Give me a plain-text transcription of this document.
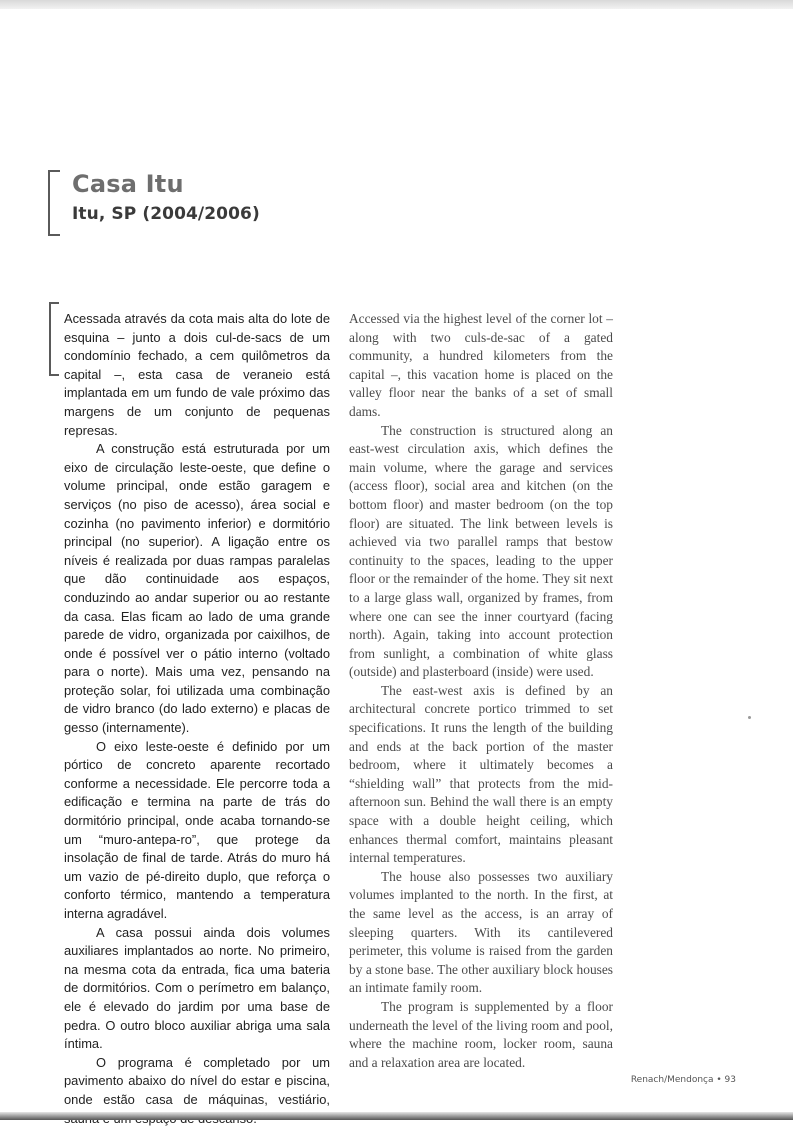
Casa Itu
Itu, SP (2004/2006)

Acessada através da cota mais alta do lote de esquina – junto a dois cul-de-sacs de um condomínio fechado, a cem quilômetros da capital –, esta casa de veraneio está implantada em um fundo de vale próximo das margens de um conjunto de pequenas represas.

A construção está estruturada por um eixo de circulação leste-oeste, que define o volume principal, onde estão garagem e serviços (no piso de acesso), área social e cozinha (no pavimento inferior) e dormitório principal (no superior). A ligação entre os níveis é realizada por duas rampas paralelas que dão continuidade aos espaços, conduzindo ao andar superior ou ao restante da casa. Elas ficam ao lado de uma grande parede de vidro, organizada por caixilhos, de onde é possível ver o pátio interno (voltado para o norte). Mais uma vez, pensando na proteção solar, foi utilizada uma combinação de vidro branco (do lado externo) e placas de gesso (internamente).

O eixo leste-oeste é definido por um pórtico de concreto aparente recortado conforme a necessidade. Ele percorre toda a edificação e termina na parte de trás do dormitório principal, onde acaba tornando-se um “muro-antepa-ro”, que protege da insolação de final de tarde. Atrás do muro há um vazio de pé-direito duplo, que reforça o conforto térmico, mantendo a temperatura interna agradável.

A casa possui ainda dois volumes auxiliares implantados ao norte. No primeiro, na mesma cota da entrada, fica uma bateria de dormitórios. Com o perímetro em balanço, ele é elevado do jardim por uma base de pedra. O outro bloco auxiliar abriga uma sala íntima.

O programa é completado por um pavimento abaixo do nível do estar e piscina, onde estão casa de máquinas, vestiário,

Accessed via the highest level of the corner lot – along with two culs-de-sac of a gated community, a hundred kilometers from the capital –, this vacation home is placed on the valley floor near the banks of a set of small dams.

The construction is structured along an east-west circulation axis, which defines the main volume, where the garage and services (access floor), social area and kitchen (on the bottom floor) and master bedroom (on the top floor) are situated. The link between levels is achieved via two parallel ramps that bestow continuity to the spaces, leading to the upper floor or the remainder of the home. They sit next to a large glass wall, organized by frames, from where one can see the inner courtyard (facing north). Again, taking into account protection from sunlight, a combination of white glass (outside) and plasterboard (inside) were used.

The east-west axis is defined by an architectural concrete portico trimmed to set specifications. It runs the length of the building and ends at the back portion of the master bedroom, where it ultimately becomes a “shielding wall” that protects from the mid-afternoon sun. Behind the wall there is an empty space with a double height ceiling, which enhances thermal comfort, maintains pleasant internal temperatures.

The house also possesses two auxiliary volumes implanted to the north. In the first, at the same level as the access, is an array of sleeping quarters. With its cantilevered perimeter, this volume is raised from the garden by a stone base. The other auxiliary block houses an intimate family room.

The program is supplemented by a floor underneath the level of the living room and pool, where the machine room, locker room, sauna and a relaxation area are located.

Renach/Mendonça • 93
